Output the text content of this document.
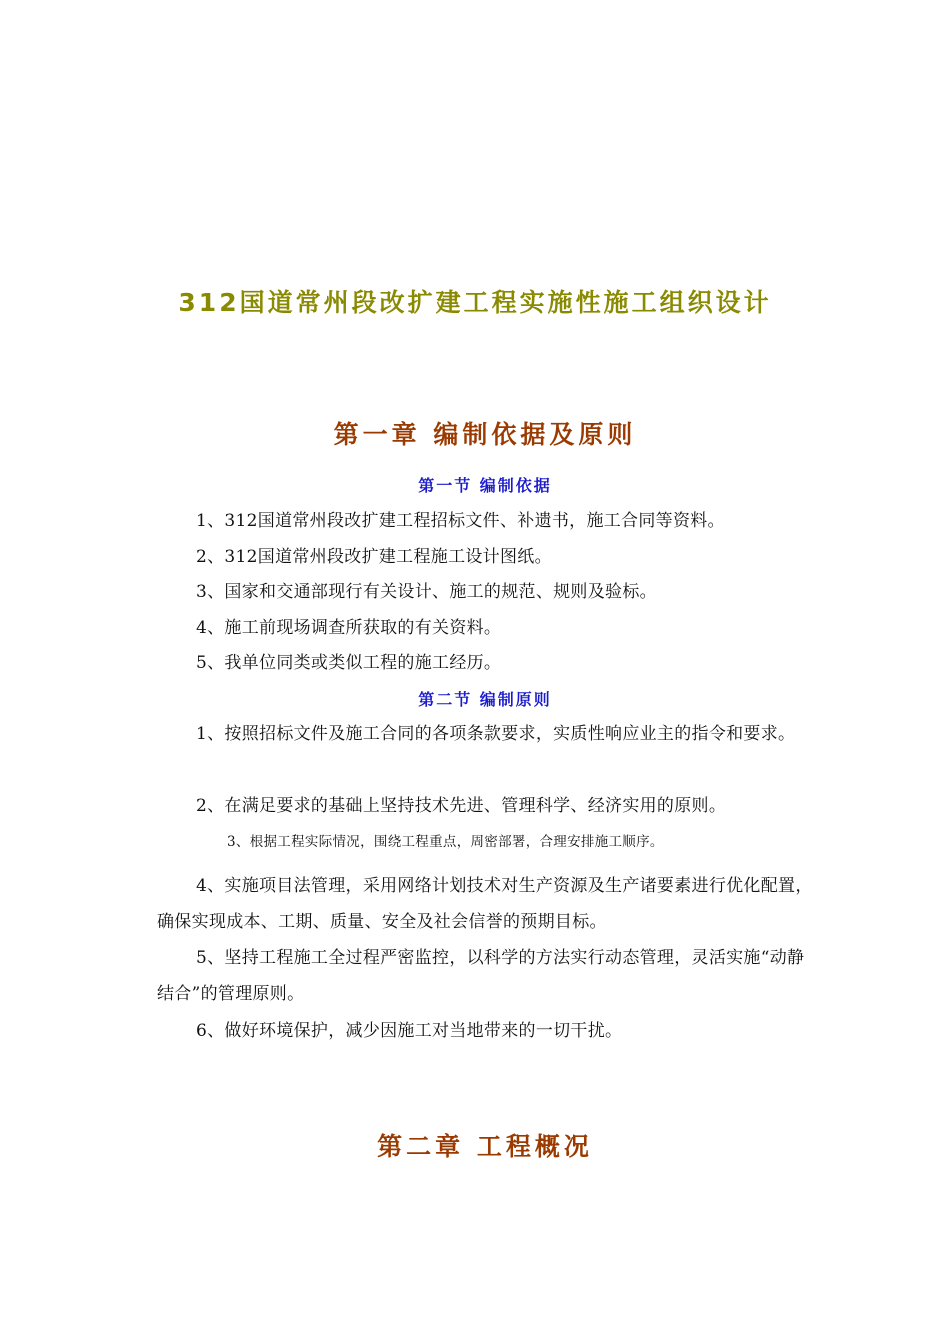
312国道常州段改扩建工程实施性施工组织设计
第一章 编制依据及原则
第一节 编制依据
1、312国道常州段改扩建工程招标文件、补遗书，施工合同等资料。
2、312国道常州段改扩建工程施工设计图纸。
3、国家和交通部现行有关设计、施工的规范、规则及验标。
4、施工前现场调查所获取的有关资料。
5、我单位同类或类似工程的施工经历。
第二节 编制原则
1、按照招标文件及施工合同的各项条款要求，实质性响应业主的指令和要求。
2、在满足要求的基础上坚持技术先进、管理科学、经济实用的原则。
3、根据工程实际情况，围绕工程重点，周密部署，合理安排施工顺序。
4、实施项目法管理，采用网络计划技术对生产资源及生产诸要素进行优化配置，确保实现成本、工期、质量、安全及社会信誉的预期目标。
5、坚持工程施工全过程严密监控，以科学的方法实行动态管理，灵活实施“动静结合”的管理原则。
6、做好环境保护，减少因施工对当地带来的一切干扰。
第二章 工程概况
